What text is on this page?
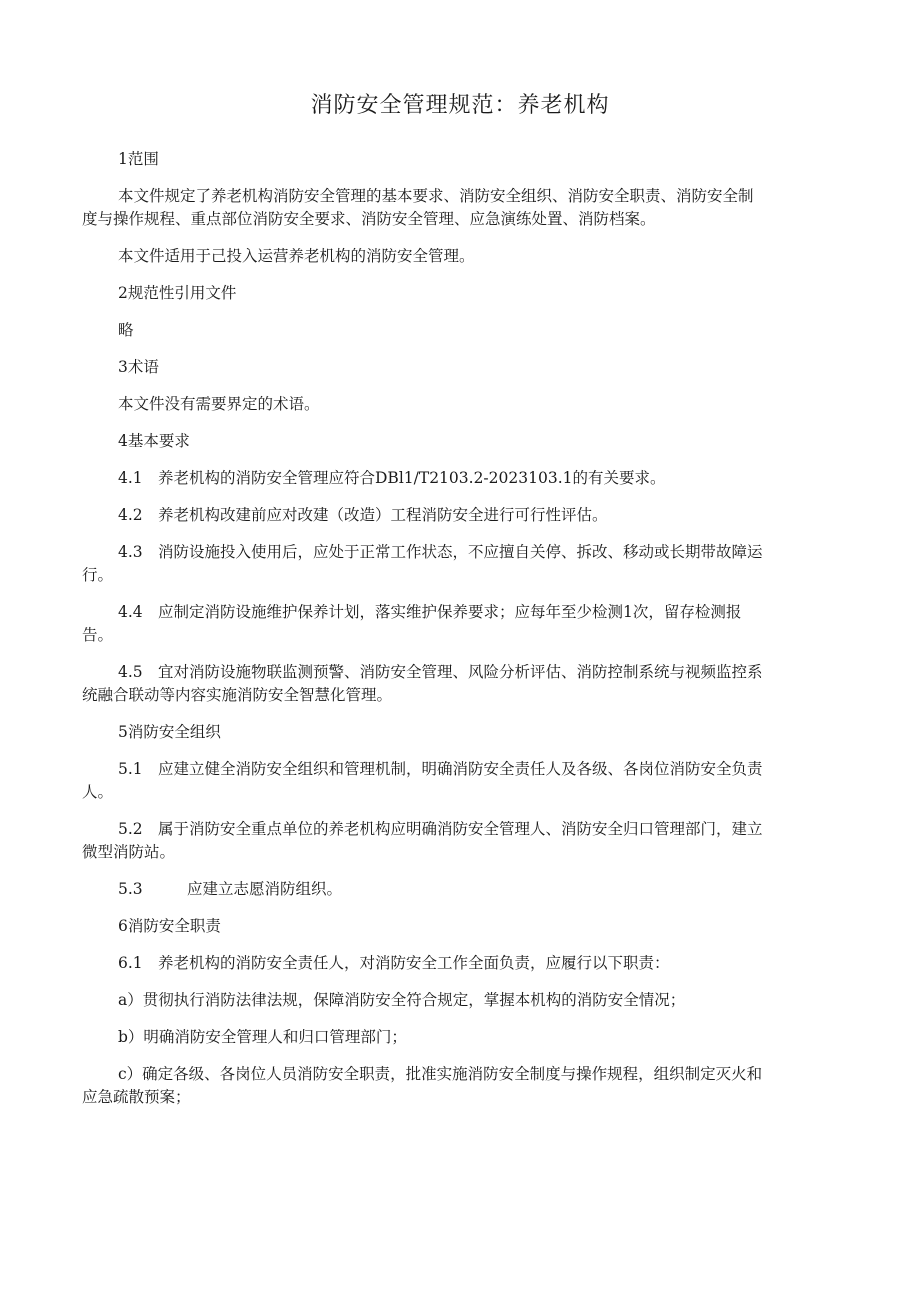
消防安全管理规范：养老机构

1范围

本文件规定了养老机构消防安全管理的基本要求、消防安全组织、消防安全职责、消防安全制

度与操作规程、重点部位消防安全要求、消防安全管理、应急演练处置、消防档案。

本文件适用于己投入运营养老机构的消防安全管理。

2规范性引用文件

略

3术语

本文件没有需要界定的术语。

4基本要求

4.1 养老机构的消防安全管理应符合DBl1/T2103.2-2023103.1的有关要求。

4.2 养老机构改建前应对改建（改造）工程消防安全进行可行性评估。

4.3 消防设施投入使用后，应处于正常工作状态，不应擅自关停、拆改、移动或长期带故障运

行。

4.4 应制定消防设施维护保养计划，落实维护保养要求；应每年至少检测1次，留存检测报

告。

4.5 宜对消防设施物联监测预警、消防安全管理、风险分析评估、消防控制系统与视频监控系

统融合联动等内容实施消防安全智慧化管理。

5消防安全组织

5.1 应建立健全消防安全组织和管理机制，明确消防安全责任人及各级、各岗位消防安全负责

人。

5.2 属于消防安全重点单位的养老机构应明确消防安全管理人、消防安全归口管理部门，建立

微型消防站。

5.3	应建立志愿消防组织。

6消防安全职责

6.1 养老机构的消防安全责任人，对消防安全工作全面负责，应履行以下职责：

a）贯彻执行消防法律法规，保障消防安全符合规定，掌握本机构的消防安全情况；

b）明确消防安全管理人和归口管理部门；

c）确定各级、各岗位人员消防安全职责，批准实施消防安全制度与操作规程，组织制定灭火和

应急疏散预案；
